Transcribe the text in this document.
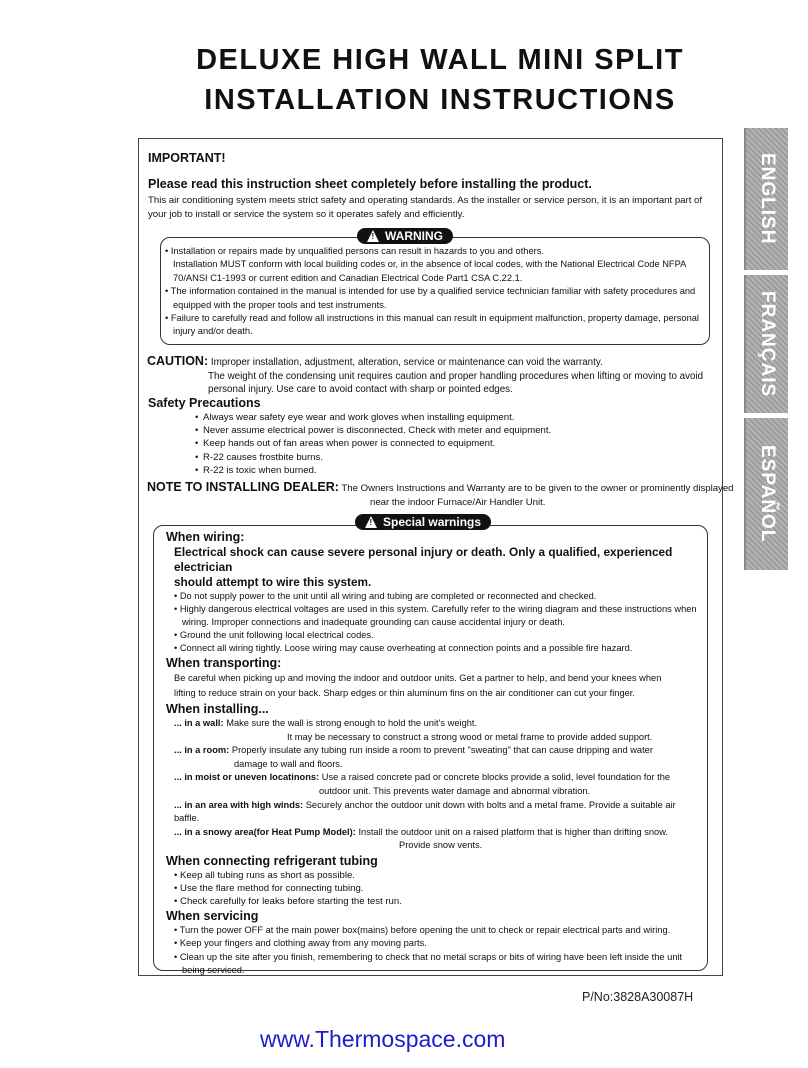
DELUXE HIGH WALL MINI SPLIT
INSTALLATION INSTRUCTIONS
ENGLISH
FRANÇAIS
ESPAÑOL
IMPORTANT!
Please read this instruction sheet completely before installing the product.
This air conditioning system meets strict safety and operating standards. As the installer or service person, it is an important part of
your job to install or service the system so it operates safely and efficiently.
!
WARNING
• Installation or repairs made by unqualified persons can result in hazards to you and others.
Installation MUST conform with local building codes or, in the absence of local codes, with the National Electrical Code NFPA
70/ANSI C1-1993 or current edition and Canadian Electrical Code Part1 CSA C.22.1.
• The information contained in the manual is intended for use by a qualified service technician familiar with safety procedures and
equipped with the proper tools and test instruments.
• Failure to carefully read and follow all instructions in this manual can result in equipment malfunction, property damage, personal
injury and/or death.
CAUTION: Improper installation, adjustment, alteration, service or maintenance can void the warranty.
The weight of the condensing unit requires caution and proper handling procedures when lifting or moving to avoid
personal injury. Use care to avoid contact with sharp or pointed edges.
Safety Precautions
• Always wear safety eye wear and work gloves when installing equipment.
• Never assume electrical power is disconnected. Check with meter and equipment.
• Keep hands out of fan areas when power is connected to equipment.
• R-22 causes frostbite burns.
• R-22 is toxic when burned.
NOTE TO INSTALLING DEALER: The Owners Instructions and Warranty are to be given to the owner or prominently displayed
near the indoor Furnace/Air Handler Unit.
!
Special warnings
When wiring:
Electrical shock can cause severe personal injury or death. Only a qualified, experienced electrician
should attempt to wire this system.
• Do not supply power to the unit until all wiring and tubing are completed or reconnected and checked.
• Highly dangerous electrical voltages are used in this system. Carefully refer to the wiring diagram and these instructions when
wiring. Improper connections and inadequate grounding can cause accidental injury or death.
• Ground the unit following local electrical codes.
• Connect all wiring tightly. Loose wiring may cause overheating at connection points and a possible fire hazard.
When transporting:
Be careful when picking up and moving the indoor and outdoor units. Get a partner to help, and bend your knees when
lifting to reduce strain on your back. Sharp edges or thin aluminum fins on the air conditioner can cut your finger.
When installing...
... in a wall: Make sure the wall is strong enough to hold the unit's weight.
It may be necessary to construct a strong wood or metal frame to provide added support.
... in a room: Properly insulate any tubing run inside a room to prevent "sweating" that can cause dripping and water
damage to wall and floors.
... in moist or uneven locatinons: Use a raised concrete pad or concrete blocks provide a solid, level foundation for the
outdoor unit. This prevents water damage and abnormal vibration.
... in an area with high winds: Securely anchor the outdoor unit down with bolts and a metal frame. Provide a suitable air baffle.
... in a snowy area(for Heat Pump Model): Install the outdoor unit on a raised platform that is higher than drifting snow.
Provide snow vents.
When connecting refrigerant tubing
• Keep all tubing runs as short as possible.
• Use the flare method for connecting tubing.
• Check carefully for leaks before starting the test run.
When servicing
• Turn the power OFF at the main power box(mains) before opening the unit to check or repair electrical parts and wiring.
• Keep your fingers and clothing away from any moving parts.
• Clean up the site after you finish, remembering to check that no metal scraps or bits of wiring have been left inside the unit
being serviced.
P/No:3828A30087H
www.Thermospace.com
